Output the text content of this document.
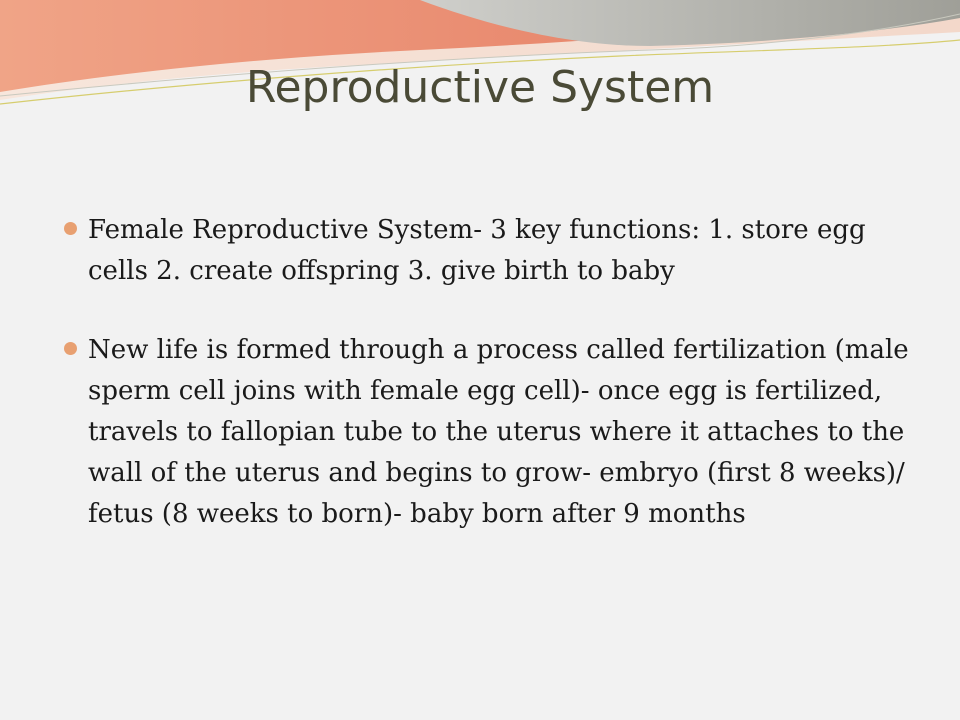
Reproductive System
Female Reproductive System- 3 key functions: 1. store egg cells 2. create offspring 3. give birth to baby
New life is formed through a process called fertilization (male sperm cell joins with female egg cell)- once egg is fertilized, travels to fallopian tube to the uterus where it attaches to the wall of the uterus and begins to grow- embryo (first 8 weeks)/ fetus (8 weeks to born)- baby born after 9 months
